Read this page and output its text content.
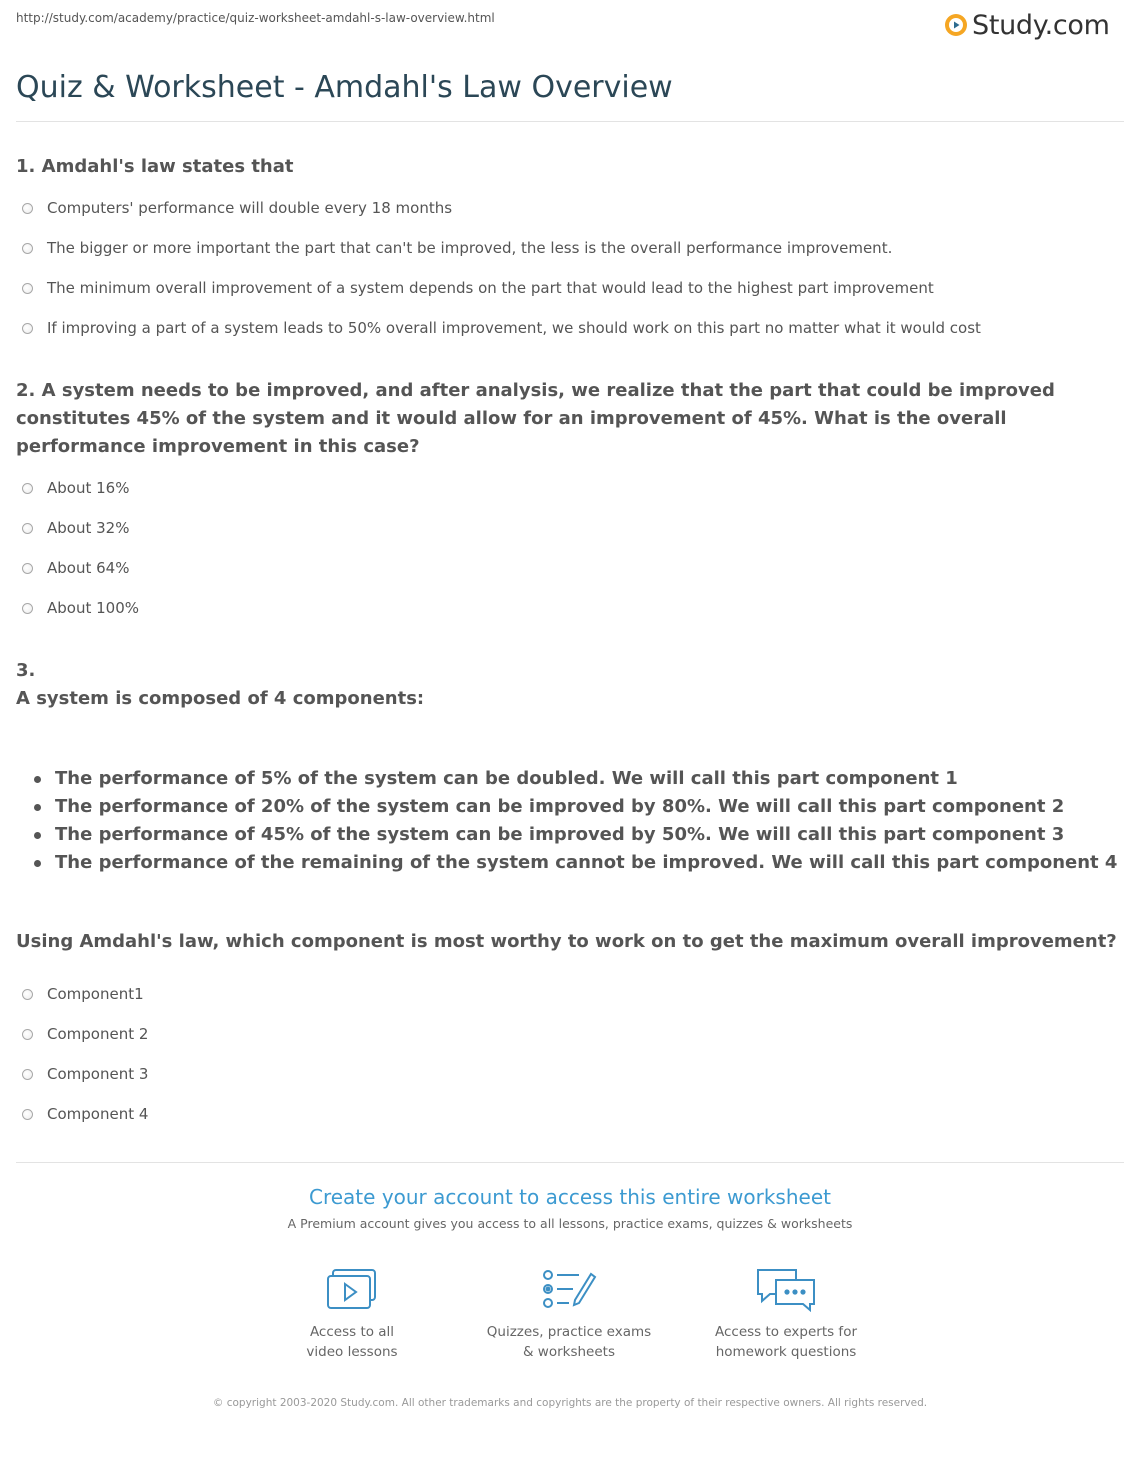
http://study.com/academy/practice/quiz-worksheet-amdahl-s-law-overview.html	Study.com
Quiz & Worksheet - Amdahl's Law Overview
1. Amdahl's law states that
Computers' performance will double every 18 months
The bigger or more important the part that can't be improved, the less is the overall performance improvement.
The minimum overall improvement of a system depends on the part that would lead to the highest part improvement
If improving a part of a system leads to 50% overall improvement, we should work on this part no matter what it would cost
2. A system needs to be improved, and after analysis, we realize that the part that could be improved constitutes 45% of the system and it would allow for an improvement of 45%. What is the overall performance improvement in this case?
About 16%
About 32%
About 64%
About 100%
3.
A system is composed of 4 components:
The performance of 5% of the system can be doubled. We will call this part component 1
The performance of 20% of the system can be improved by 80%. We will call this part component 2
The performance of 45% of the system can be improved by 50%. We will call this part component 3
The performance of the remaining of the system cannot be improved. We will call this part component 4
Using Amdahl's law, which component is most worthy to work on to get the maximum overall improvement?
Component1
Component 2
Component 3
Component 4
Create your account to access this entire worksheet
A Premium account gives you access to all lessons, practice exams, quizzes & worksheets
Access to all
video lessons
Quizzes, practice exams
& worksheets
Access to experts for
homework questions
© copyright 2003-2020 Study.com. All other trademarks and copyrights are the property of their respective owners. All rights reserved.
